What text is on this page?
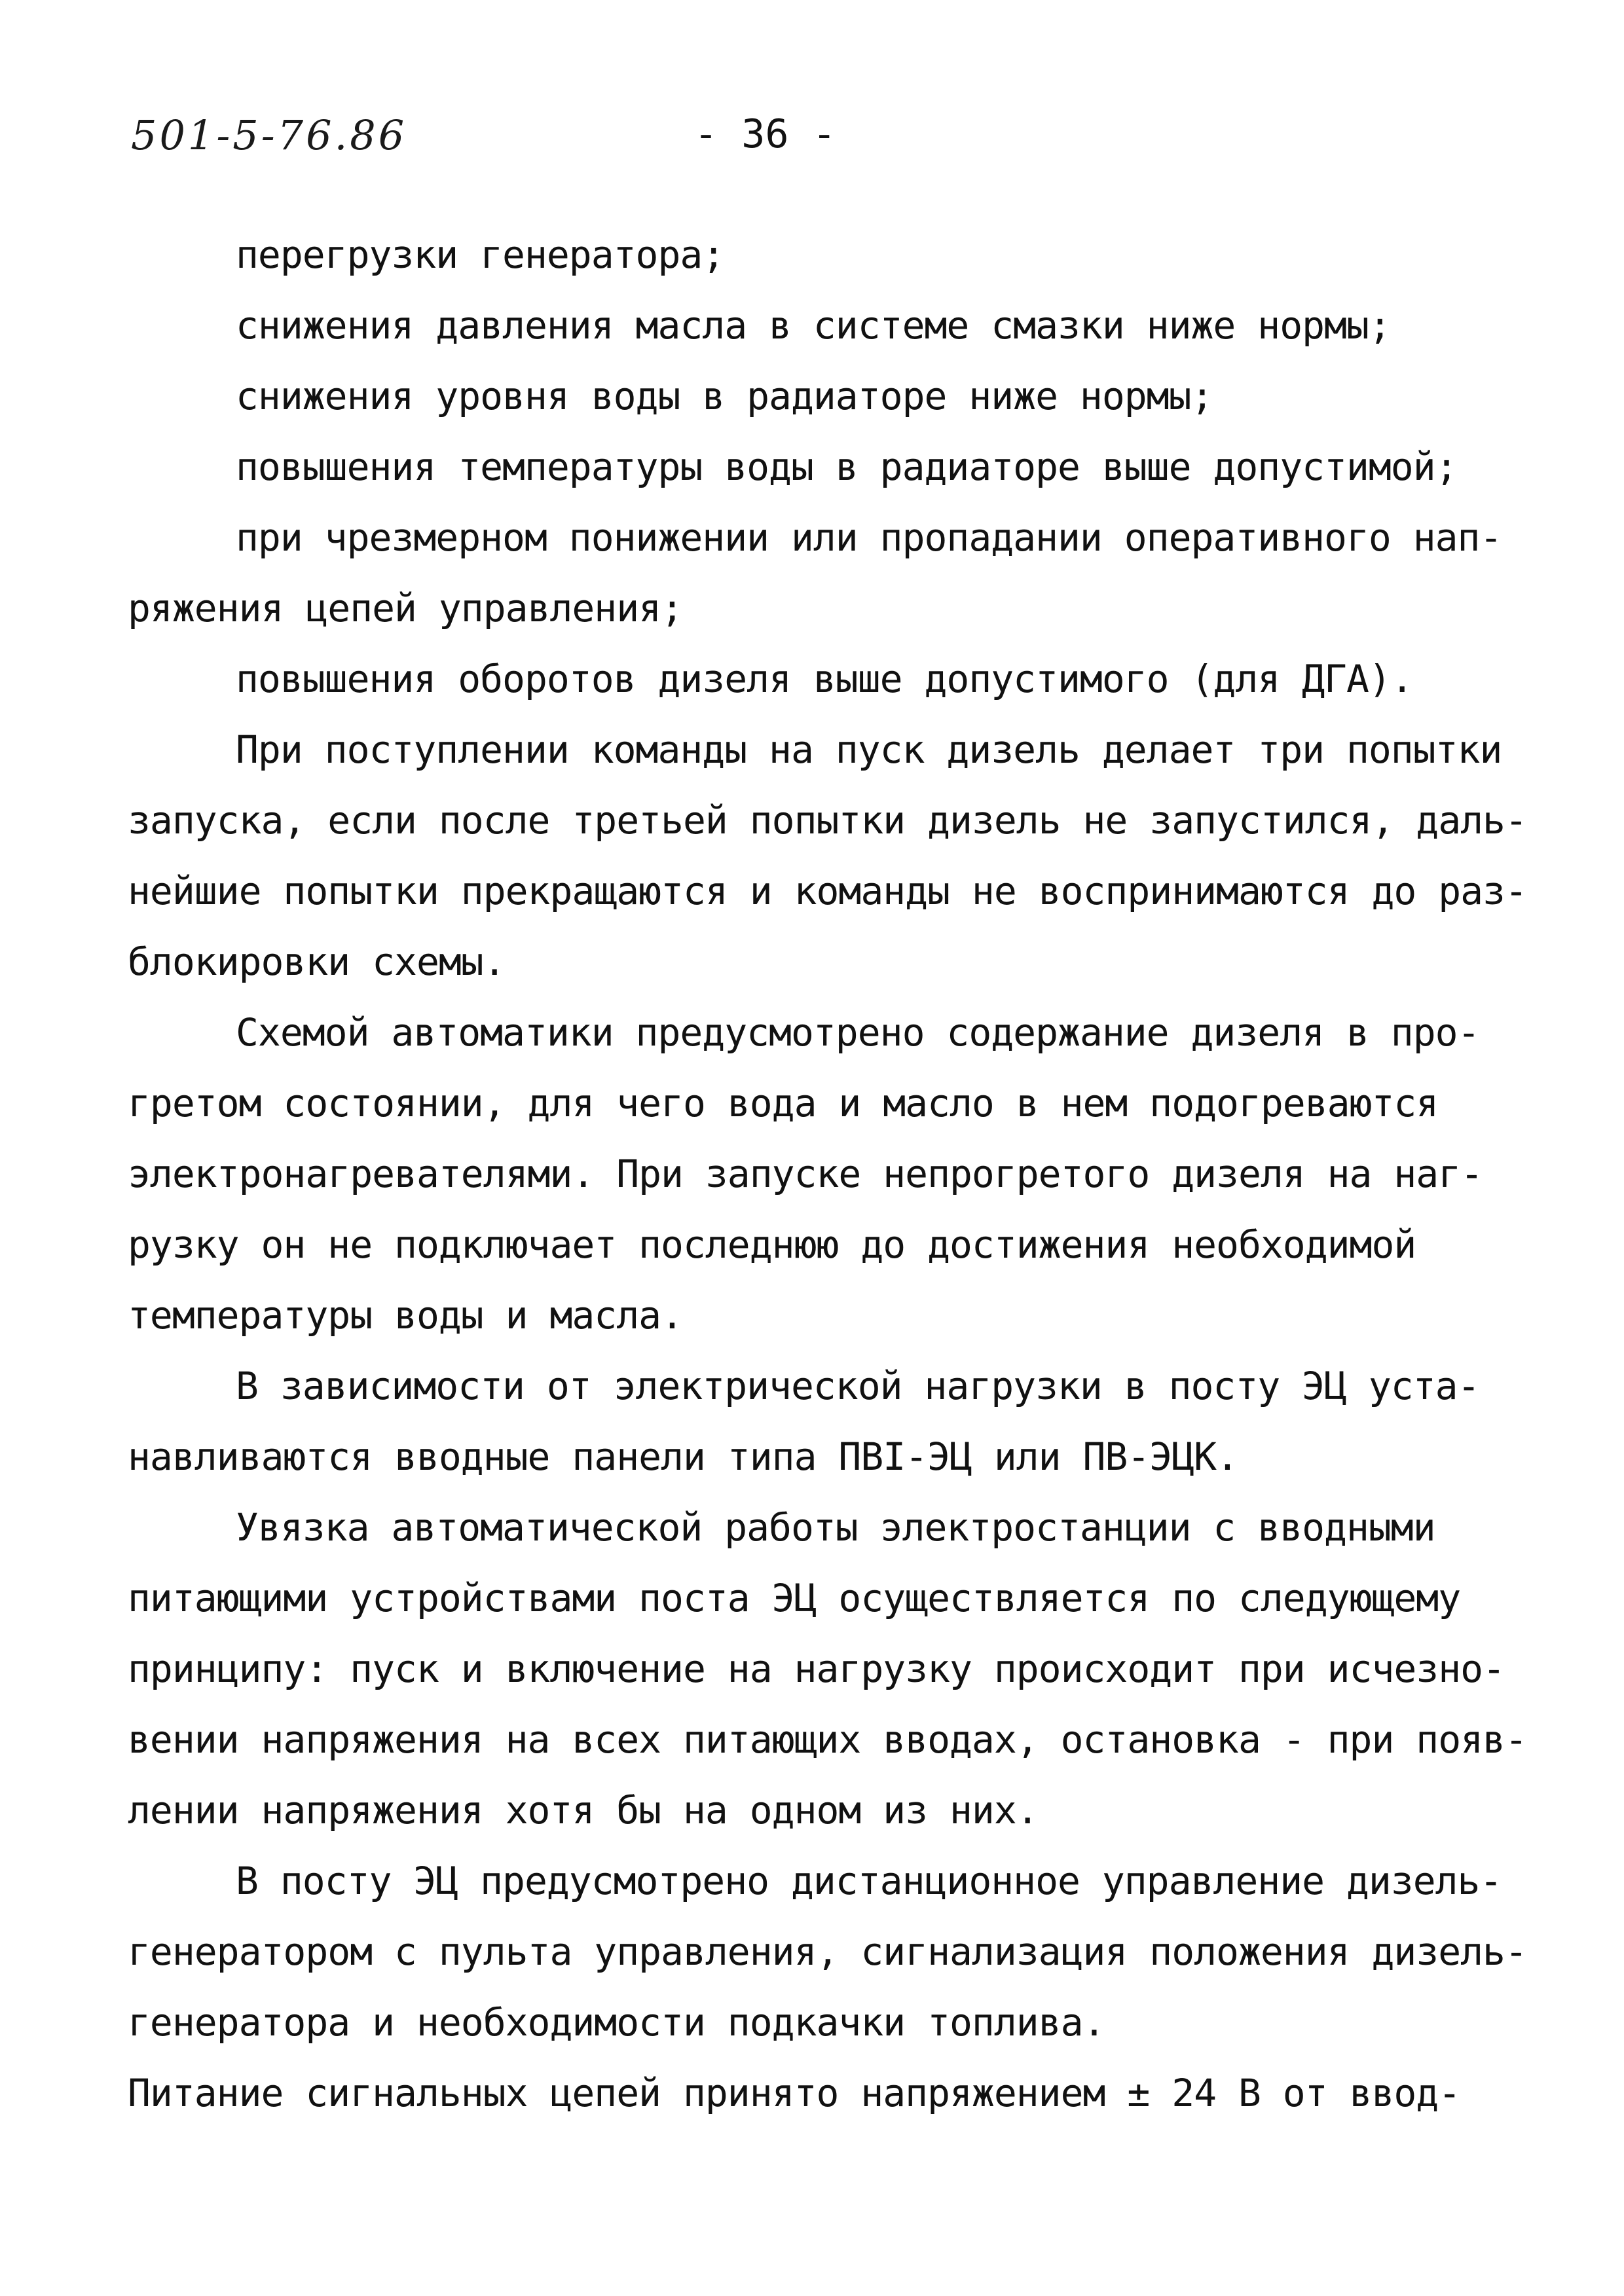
501-5-76.86	- 36 -
перегрузки генератора;
снижения давления масла в системе смазки ниже нормы;
снижения уровня воды в радиаторе ниже нормы;
повышения температуры воды в радиаторе выше допустимой;
при чрезмерном понижении или пропадании оперативного нап-
ряжения цепей управления;
повышения оборотов дизеля выше допустимого (для ДГА).
При поступлении команды на пуск дизель делает три попытки
запуска, если после третьей попытки дизель не запустился, даль-
нейшие попытки прекращаются и команды не воспринимаются до раз-
блокировки схемы.
Схемой автоматики предусмотрено содержание дизеля в про-
гретом состоянии, для чего вода и масло в нем подогреваются
электронагревателями. При запуске непрогретого дизеля на наг-
рузку он не подключает последнюю до достижения необходимой
температуры воды и масла.
В зависимости от электрической нагрузки в посту ЭЦ уста-
навливаются вводные панели типа ПВI-ЭЦ или ПВ-ЭЦК.
Увязка автоматической работы электростанции с вводными
питающими устройствами поста ЭЦ осуществляется по следующему
принципу: пуск и включение на нагрузку происходит при исчезно-
вении напряжения на всех питающих вводах, остановка - при появ-
лении напряжения хотя бы на одном из них.
В посту ЭЦ предусмотрено дистанционное управление дизель-
генератором с пульта управления, сигнализация положения дизель-
генератора и необходимости подкачки топлива.
Питание сигнальных цепей принято напряжением ± 24 В от ввод-
